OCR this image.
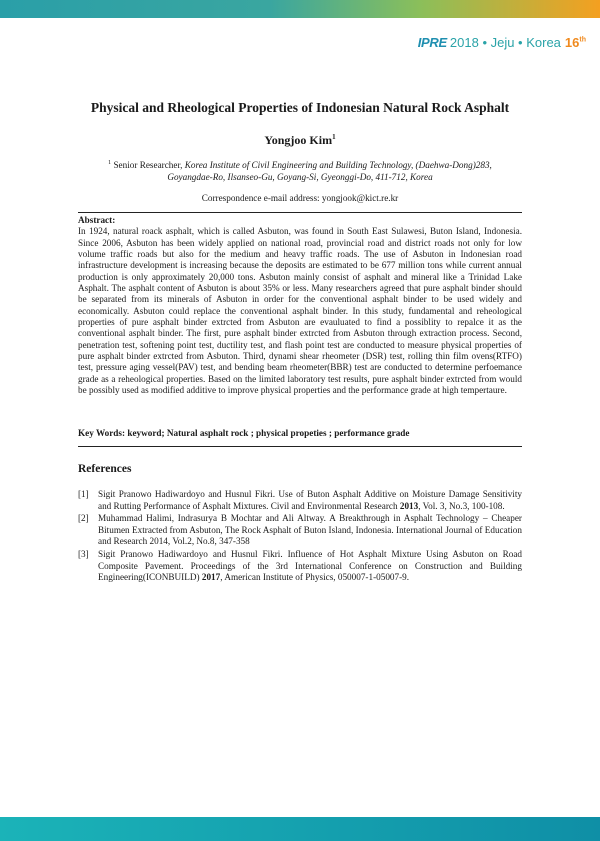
IPRE 2018 • Jeju • Korea 16th
Physical and Rheological Properties of Indonesian Natural Rock Asphalt
Yongjoo Kim$^1$
$^1$ Senior Researcher, Korea Institute of Civil Engineering and Building Technology, (Daehwa-Dong)283,
Goyangdae-Ro, Ilsanseo-Gu, Goyang-Si, Gyeonggi-Do, 411-712, Korea
Correspondence e-mail address: yongjook@kict.re.kr
Abstract:
In 1924, natural roack asphalt, which is called Asbuton, was found in South East Sulawesi, Buton Island, Indonesia. Since 2006, Asbuton has been widely applied on national road, provincial road and district roads not only for low volume traffic roads but also for the medium and heavy traffic roads. The use of Asbuton in Indonesian road infrastructure development is increasing because the deposits are estimated to be 677 million tons while current annual production is only approximately 20,000 tons. Asbuton mainly consist of asphalt and mineral like a Trinidad Lake Asphalt. The asphalt content of Asbuton is about 35% or less. Many researchers agreed that pure asphalt binder should be separated from its minerals of Asbuton in order for the conventional asphalt binder to be used widely and economically. Asbuton could replace the conventional asphalt binder. In this study, fundamental and reheological properties of pure asphalt binder extrcted from Asbuton are evauluated to find a possiblity to repalce it as the conventional asphalt binder. The first, pure asphalt binder extrcted from Asbuton through extraction process. Second, penetration test, softening point test, ductility test, and flash point test are conducted to measure physical properties of pure asphalt binder extrcted from Asbuton. Third, dynami shear rheometer (DSR) test, rolling thin film ovens(RTFO) test, pressure aging vessel(PAV) test, and bending beam rheometer(BBR) test are conducted to determine perfoemance grade as a reheological properties. Based on the limited laboratory test results, pure asphalt binder extrcted from would be possibly used as modified additive to improve physical properties and the performance grade at high tempertaure.
Key Words: keyword; Natural asphalt rock ; physical propeties ; performance grade
References
[1]	Sigit Pranowo Hadiwardoyo and Husnul Fikri. Use of Buton Asphalt Additive on Moisture Damage Sensitivity and Rutting Performance of Asphalt Mixtures. Civil and Environmental Research 2013, Vol. 3, No.3, 100-108.
[2]	Muhammad Halimi, Indrasurya B Mochtar and Ali Altway. A Breakthrough in Asphalt Technology – Cheaper Bitumen Extracted from Asbuton, The Rock Asphalt of Buton Island, Indonesia. International Journal of Education and Research 2014, Vol.2, No.8, 347-358
[3]	Sigit Pranowo Hadiwardoyo and Husnul Fikri. Influence of Hot Asphalt Mixture Using Asbuton on Road Composite Pavement. Proceedings of the 3rd International Conference on Construction and Building Engineering(ICONBUILD) 2017, American Institute of Physics, 050007-1-05007-9.
